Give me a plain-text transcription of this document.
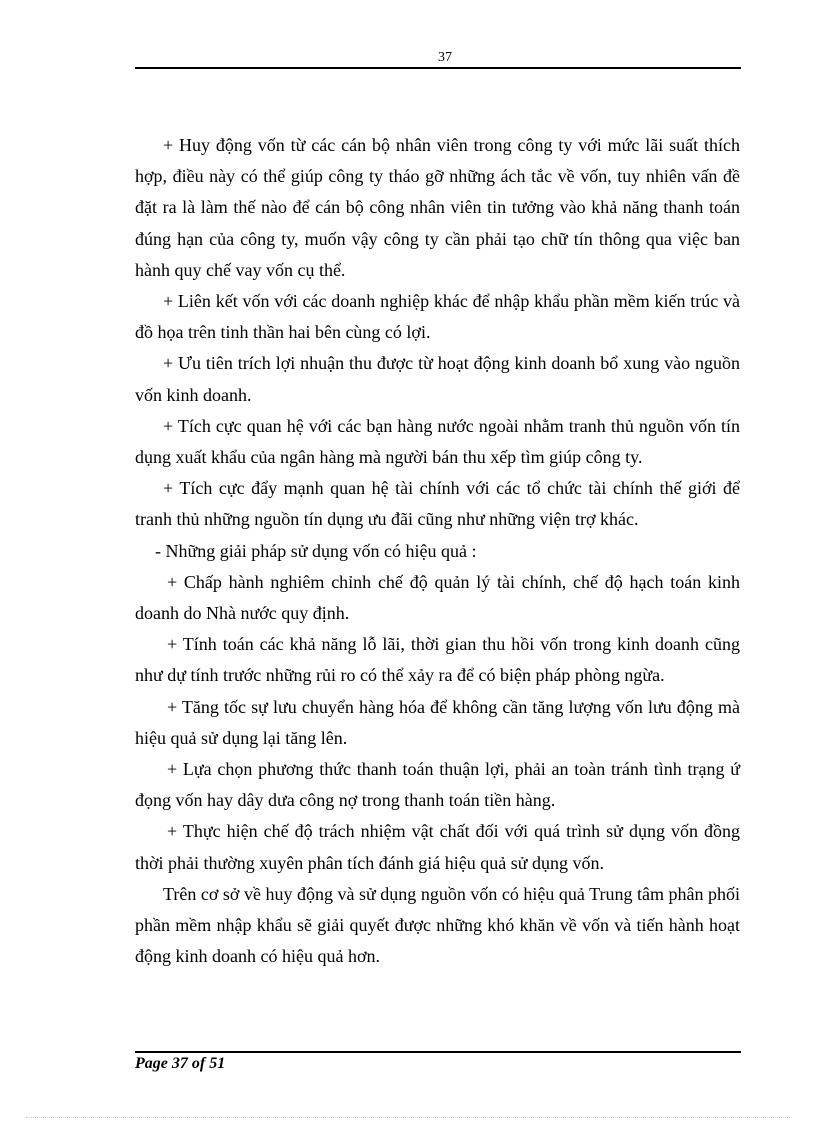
37

+ Huy động vốn từ các cán bộ nhân viên trong công ty với mức lãi suất thích hợp, điều này có thể giúp công ty tháo gỡ những ách tắc về vốn, tuy nhiên vấn đề đặt ra là làm thế nào để cán bộ công nhân viên tin tưởng vào khả năng thanh toán đúng hạn của công ty, muốn vậy công ty cần phải tạo chữ tín thông qua việc ban hành quy chế vay vốn cụ thể.

+ Liên kết vốn với các doanh nghiệp khác để nhập khẩu phần mềm kiến trúc và đồ họa trên tinh thần hai bên cùng có lợi.

+ Ưu tiên trích lợi nhuận thu được từ hoạt động kinh doanh bổ xung vào nguồn vốn kinh doanh.

+ Tích cực quan hệ với các bạn hàng nước ngoài nhằm tranh thủ nguồn vốn tín dụng xuất khẩu của ngân hàng mà người bán thu xếp tìm giúp công ty.

+ Tích cực đẩy mạnh quan hệ tài chính với các tổ chức tài chính thế giới để tranh thủ những nguồn tín dụng ưu đãi cũng như những viện trợ khác.

- Những giải pháp sử dụng vốn có hiệu quả :

+ Chấp hành nghiêm chỉnh chế độ quản lý tài chính, chế độ hạch toán kinh doanh do Nhà nước quy định.

+ Tính toán các khả năng lỗ lãi, thời gian thu hồi vốn trong kinh doanh cũng như dự tính trước những rủi ro có thể xảy ra để có biện pháp phòng ngừa.

+ Tăng tốc sự lưu chuyển hàng hóa để không cần tăng lượng vốn lưu động mà hiệu quả sử dụng lại tăng lên.

+ Lựa chọn phương thức thanh toán thuận lợi, phải an toàn tránh tình trạng ứ đọng vốn hay dây dưa công nợ trong thanh toán tiền hàng.

+ Thực hiện chế độ trách nhiệm vật chất đối với quá trình sử dụng vốn đồng thời phải thường xuyên phân tích đánh giá hiệu quả sử dụng vốn.

Trên cơ sở về huy động và sử dụng nguồn vốn có hiệu quả Trung tâm phân phối phần mềm nhập khẩu sẽ giải quyết được những khó khăn về vốn và tiến hành hoạt động kinh doanh có hiệu quả hơn.

Page 37 of 51
